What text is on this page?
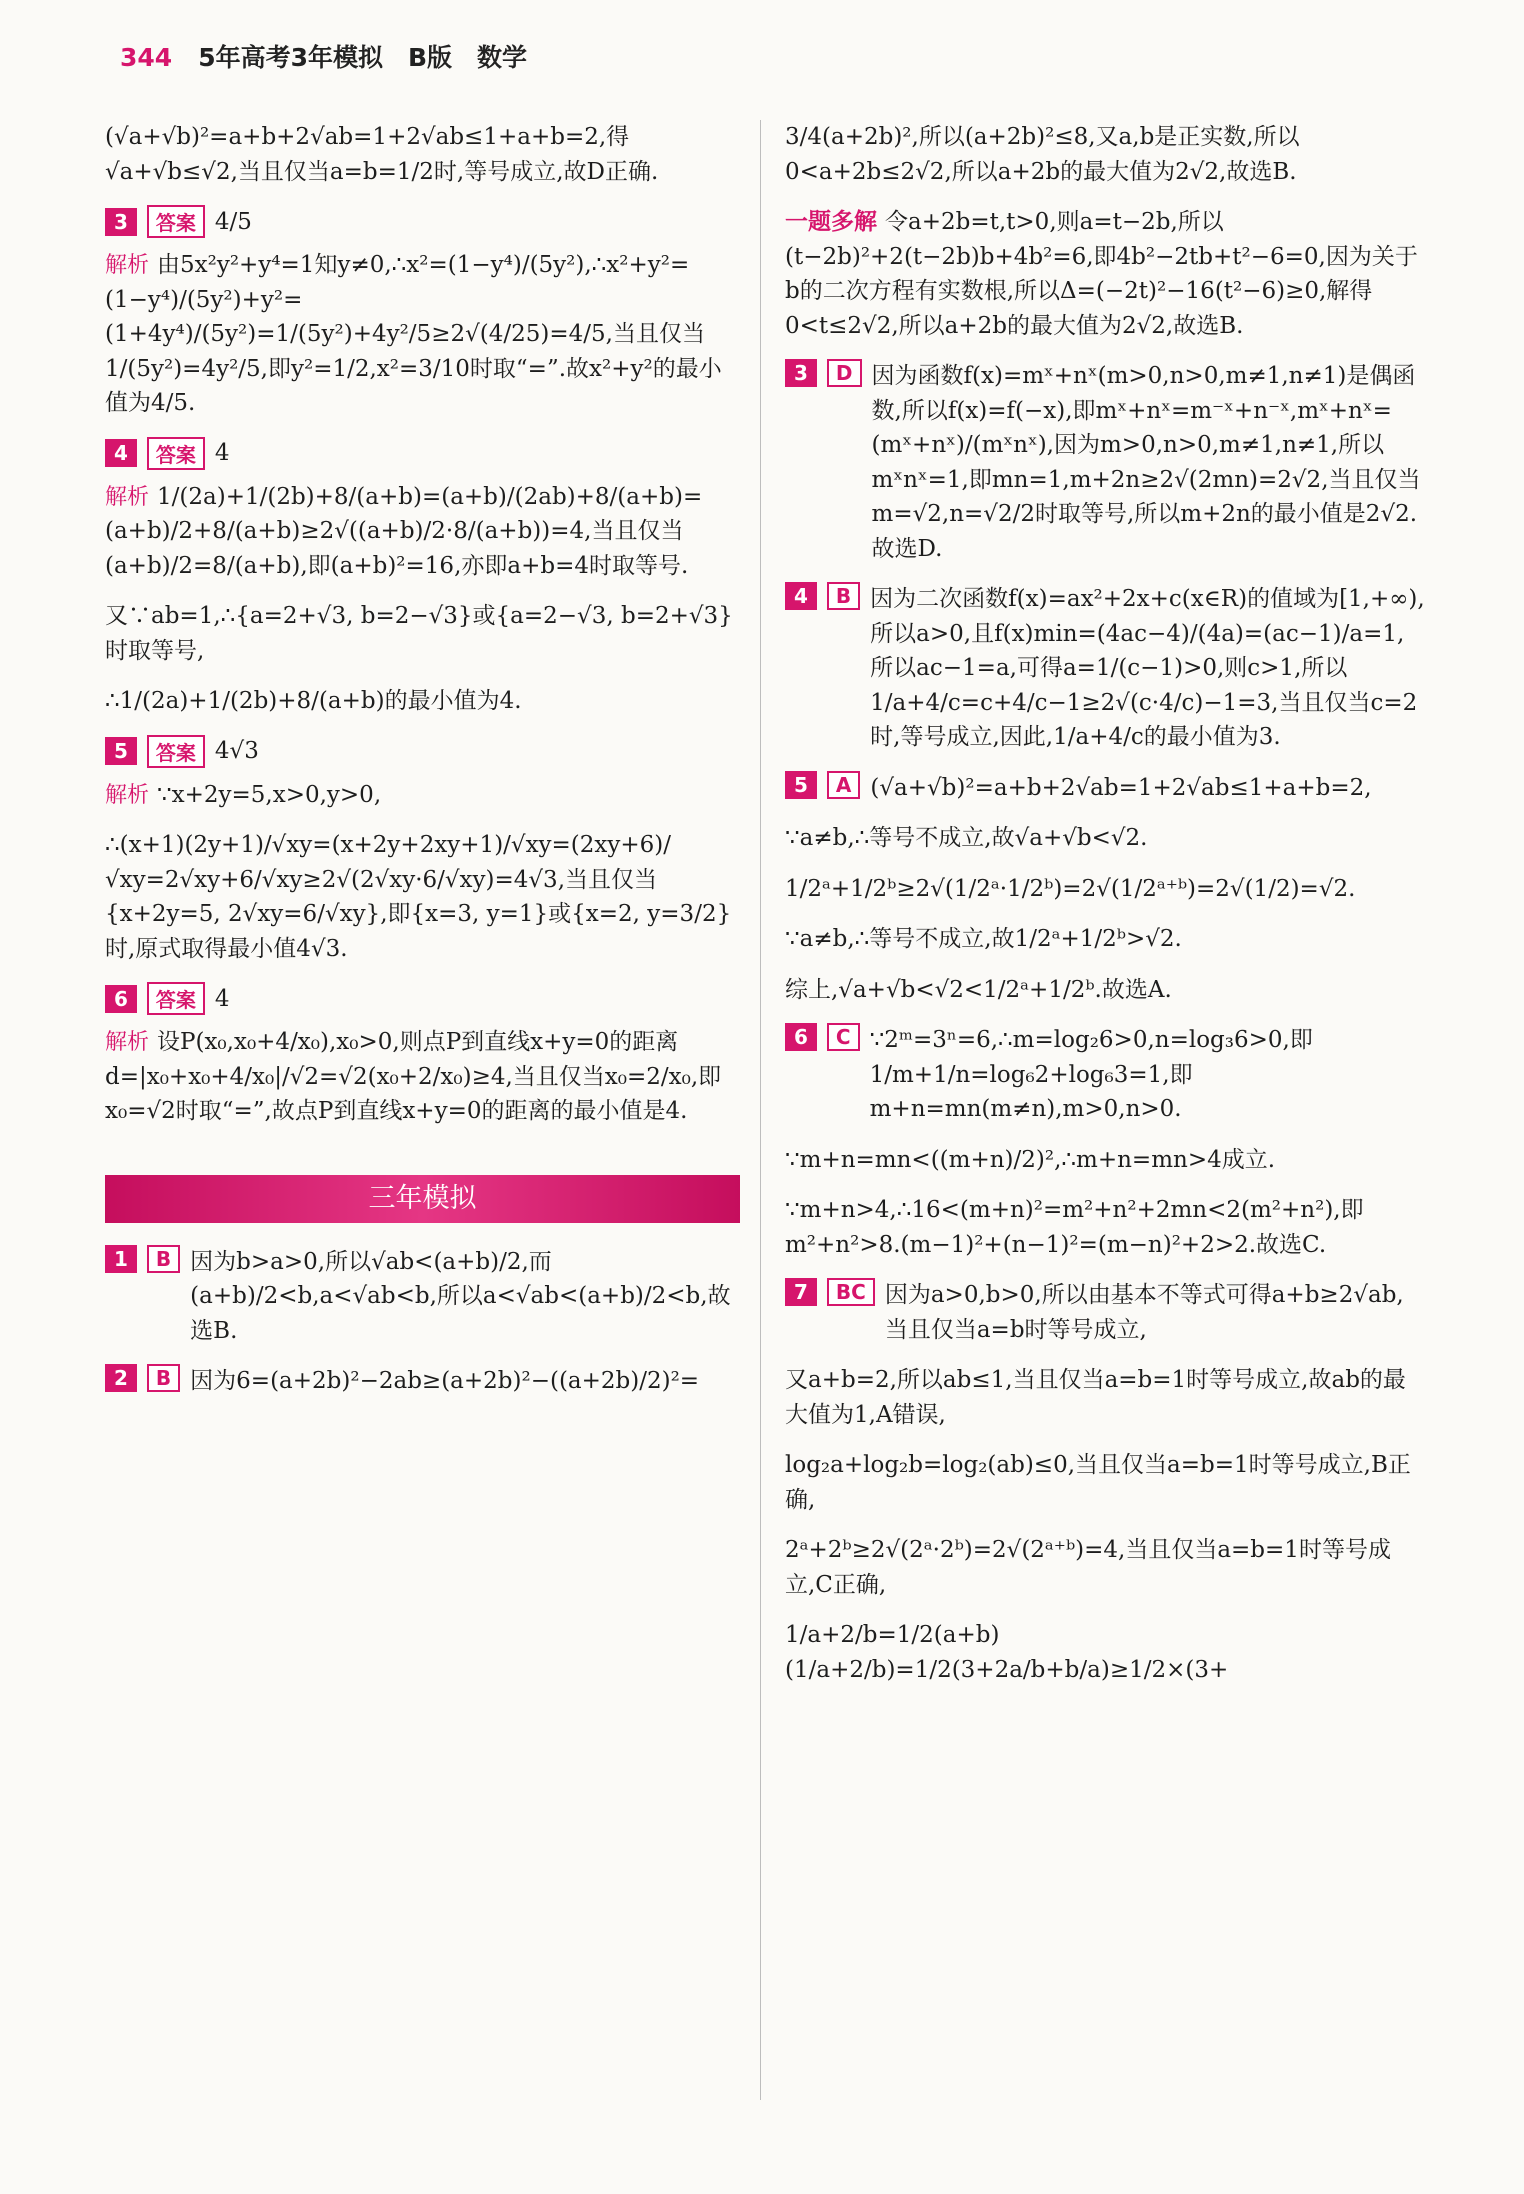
344 5年高考3年模拟　B版　数学

(√a+√b)²=a+b+2√ab=1+2√ab≤1+a+b=2,得√a+√b≤√2,当且仅当a=b=1/2时,等号成立,故D正确.

3	答案 4/5

解析 由5x²y²+y⁴=1知y≠0,∴x²=(1−y⁴)/(5y²),∴x²+y²=(1−y⁴)/(5y²)+y²=(1+4y⁴)/(5y²)=1/(5y²)+4y²/5≥2√(4/25)=4/5,当且仅当1/(5y²)=4y²/5,即y²=1/2,x²=3/10时取“=”.故x²+y²的最小值为4/5.

4	答案 4

解析 1/(2a)+1/(2b)+8/(a+b)=(a+b)/(2ab)+8/(a+b)=(a+b)/2+8/(a+b)≥2√((a+b)/2·8/(a+b))=4,当且仅当(a+b)/2=8/(a+b),即(a+b)²=16,亦即a+b=4时取等号.

又∵ab=1,∴{a=2+√3, b=2−√3}或{a=2−√3, b=2+√3}时取等号,

∴1/(2a)+1/(2b)+8/(a+b)的最小值为4.

5	答案 4√3

解析 ∵x+2y=5,x>0,y>0,

∴(x+1)(2y+1)/√xy=(x+2y+2xy+1)/√xy=(2xy+6)/√xy=2√xy+6/√xy≥2√(2√xy·6/√xy)=4√3,当且仅当{x+2y=5, 2√xy=6/√xy},即{x=3, y=1}或{x=2, y=3/2}时,原式取得最小值4√3.

6	答案 4

解析 设P(x₀,x₀+4/x₀),x₀>0,则点P到直线x+y=0的距离d=|x₀+x₀+4/x₀|/√2=√2(x₀+2/x₀)≥4,当且仅当x₀=2/x₀,即x₀=√2时取“=”,故点P到直线x+y=0的距离的最小值是4.

三年模拟
1	B 因为b>a>0,所以√ab<(a+b)/2,而(a+b)/2<b,a<√ab<b,所以a<√ab<(a+b)/2<b,故选B.

2	B 因为6=(a+2b)²−2ab≥(a+2b)²−((a+2b)/2)²=

3/4(a+2b)²,所以(a+2b)²≤8,又a,b是正实数,所以0<a+2b≤2√2,所以a+2b的最大值为2√2,故选B.

一题多解 令a+2b=t,t>0,则a=t−2b,所以(t−2b)²+2(t−2b)b+4b²=6,即4b²−2tb+t²−6=0,因为关于b的二次方程有实数根,所以Δ=(−2t)²−16(t²−6)≥0,解得0<t≤2√2,所以a+2b的最大值为2√2,故选B.

3	D 因为函数f(x)=mˣ+nˣ(m>0,n>0,m≠1,n≠1)是偶函数,所以f(x)=f(−x),即mˣ+nˣ=m⁻ˣ+n⁻ˣ,mˣ+nˣ=(mˣ+nˣ)/(mˣnˣ),因为m>0,n>0,m≠1,n≠1,所以mˣnˣ=1,即mn=1,m+2n≥2√(2mn)=2√2,当且仅当m=√2,n=√2/2时取等号,所以m+2n的最小值是2√2.故选D.

4	B 因为二次函数f(x)=ax²+2x+c(x∈R)的值域为[1,+∞),所以a>0,且f(x)min=(4ac−4)/(4a)=(ac−1)/a=1,所以ac−1=a,可得a=1/(c−1)>0,则c>1,所以1/a+4/c=c+4/c−1≥2√(c·4/c)−1=3,当且仅当c=2时,等号成立,因此,1/a+4/c的最小值为3.

5	A (√a+√b)²=a+b+2√ab=1+2√ab≤1+a+b=2,

∵a≠b,∴等号不成立,故√a+√b<√2.

1/2ᵃ+1/2ᵇ≥2√(1/2ᵃ·1/2ᵇ)=2√(1/2ᵃ⁺ᵇ)=2√(1/2)=√2.

∵a≠b,∴等号不成立,故1/2ᵃ+1/2ᵇ>√2.

综上,√a+√b<√2<1/2ᵃ+1/2ᵇ.故选A.

6	C ∵2ᵐ=3ⁿ=6,∴m=log₂6>0,n=log₃6>0,即1/m+1/n=log₆2+log₆3=1,即m+n=mn(m≠n),m>0,n>0.

∵m+n=mn<((m+n)/2)²,∴m+n=mn>4成立.

∵m+n>4,∴16<(m+n)²=m²+n²+2mn<2(m²+n²),即m²+n²>8.(m−1)²+(n−1)²=(m−n)²+2>2.故选C.

7	BC 因为a>0,b>0,所以由基本不等式可得a+b≥2√ab,当且仅当a=b时等号成立,

又a+b=2,所以ab≤1,当且仅当a=b=1时等号成立,故ab的最大值为1,A错误,

log₂a+log₂b=log₂(ab)≤0,当且仅当a=b=1时等号成立,B正确,

2ᵃ+2ᵇ≥2√(2ᵃ·2ᵇ)=2√(2ᵃ⁺ᵇ)=4,当且仅当a=b=1时等号成立,C正确,

1/a+2/b=1/2(a+b)(1/a+2/b)=1/2(3+2a/b+b/a)≥1/2×(3+
